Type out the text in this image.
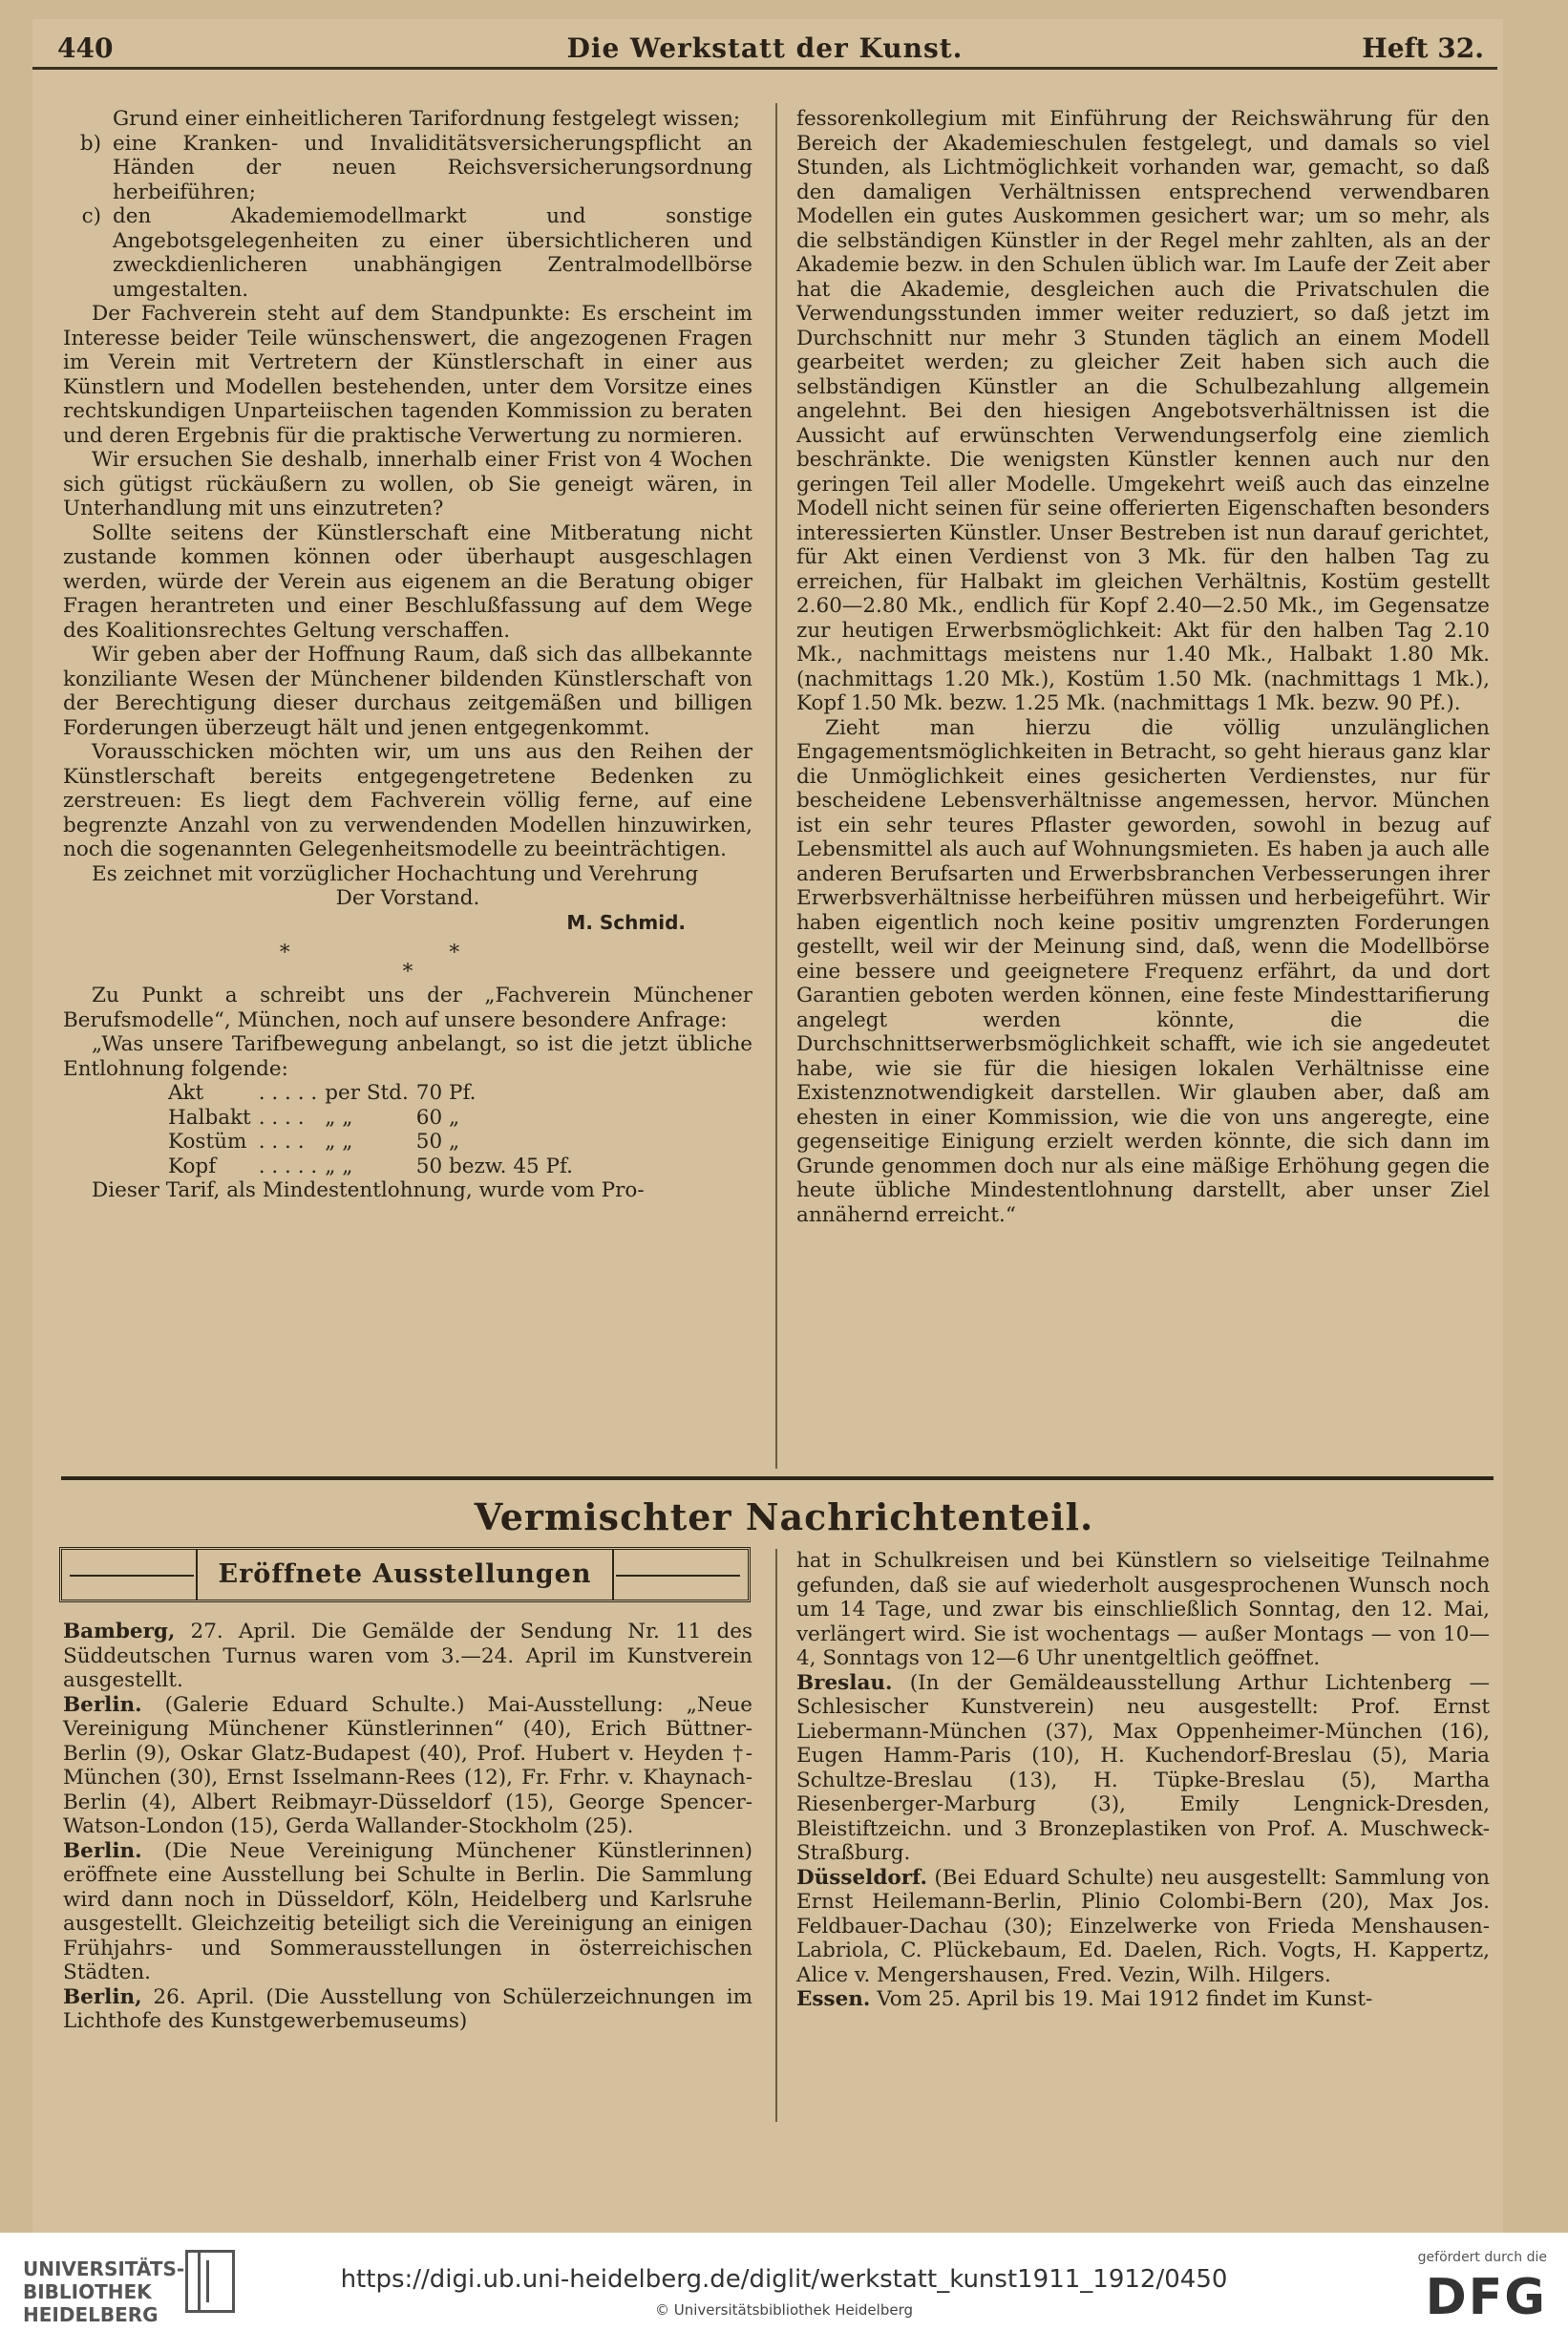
440	Die Werkstatt der Kunst.	Heft 32.

Grund einer einheitlicheren Tarifordnung festgelegt wissen;

b) eine Kranken- und Invaliditätsversicherungspflicht an Händen der neuen Reichsversicherungsordnung herbeiführen;
c) den Akademiemodellmarkt und sonstige Angebotsgelegenheiten zu einer übersichtlicheren und zweckdienlicheren unabhängigen Zentralmodellbörse umgestalten.

Der Fachverein steht auf dem Standpunkte: Es erscheint im Interesse beider Teile wünschenswert, die angezogenen Fragen im Verein mit Vertretern der Künstlerschaft in einer aus Künstlern und Modellen bestehenden, unter dem Vorsitze eines rechtskundigen Unparteiischen tagenden Kommission zu beraten und deren Ergebnis für die praktische Verwertung zu normieren.

Wir ersuchen Sie deshalb, innerhalb einer Frist von 4 Wochen sich gütigst rückäußern zu wollen, ob Sie geneigt wären, in Unterhandlung mit uns einzutreten?

Sollte seitens der Künstlerschaft eine Mitberatung nicht zustande kommen können oder überhaupt ausgeschlagen werden, würde der Verein aus eigenem an die Beratung obiger Fragen herantreten und einer Beschlußfassung auf dem Wege des Koalitionsrechtes Geltung verschaffen.

Wir geben aber der Hoffnung Raum, daß sich das allbekannte konziliante Wesen der Münchener bildenden Künstlerschaft von der Berechtigung dieser durchaus zeitgemäßen und billigen Forderungen überzeugt hält und jenen entgegenkommt.

Vorausschicken möchten wir, um uns aus den Reihen der Künstlerschaft bereits entgegengetretene Bedenken zu zerstreuen: Es liegt dem Fachverein völlig ferne, auf eine begrenzte Anzahl von zu verwendenden Modellen hinzuwirken, noch die sogenannten Gelegenheitsmodelle zu beeinträchtigen.

Es zeichnet mit vorzüglicher Hochachtung und Verehrung

Der Vorstand.
M. Schmid.
* *
*

Zu Punkt a schreibt uns der „Fachverein Münchener Berufsmodelle“, München, noch auf unsere besondere Anfrage:

„Was unsere Tarifbewegung anbelangt, so ist die jetzt übliche Entlohnung folgende:

Akt	. . . . .	per Std.	70 Pf.
Halbakt	. . . .	„ „	60 „
Kostüm	. . . .	„ „	50 „
Kopf	. . . . .	„ „	50 bezw. 45 Pf.

Dieser Tarif, als Mindestentlohnung, wurde vom Pro-

fessorenkollegium mit Einführung der Reichswährung für den Bereich der Akademieschulen festgelegt, und damals so viel Stunden, als Lichtmöglichkeit vorhanden war, gemacht, so daß den damaligen Verhältnissen entsprechend verwendbaren Modellen ein gutes Auskommen gesichert war; um so mehr, als die selbständigen Künstler in der Regel mehr zahlten, als an der Akademie bezw. in den Schulen üblich war. Im Laufe der Zeit aber hat die Akademie, desgleichen auch die Privatschulen die Verwendungsstunden immer weiter reduziert, so daß jetzt im Durchschnitt nur mehr 3 Stunden täglich an einem Modell gearbeitet werden; zu gleicher Zeit haben sich auch die selbständigen Künstler an die Schulbezahlung allgemein angelehnt. Bei den hiesigen Angebotsverhältnissen ist die Aussicht auf erwünschten Verwendungserfolg eine ziemlich beschränkte. Die wenigsten Künstler kennen auch nur den geringen Teil aller Modelle. Umgekehrt weiß auch das einzelne Modell nicht seinen für seine offerierten Eigenschaften besonders interessierten Künstler. Unser Bestreben ist nun darauf gerichtet, für Akt einen Verdienst von 3 Mk. für den halben Tag zu erreichen, für Halbakt im gleichen Verhältnis, Kostüm gestellt 2.60—2.80 Mk., endlich für Kopf 2.40—2.50 Mk., im Gegensatze zur heutigen Erwerbsmöglichkeit: Akt für den halben Tag 2.10 Mk., nachmittags meistens nur 1.40 Mk., Halbakt 1.80 Mk. (nachmittags 1.20 Mk.), Kostüm 1.50 Mk. (nachmittags 1 Mk.), Kopf 1.50 Mk. bezw. 1.25 Mk. (nachmittags 1 Mk. bezw. 90 Pf.).

Zieht man hierzu die völlig unzulänglichen Engagementsmöglichkeiten in Betracht, so geht hieraus ganz klar die Unmöglichkeit eines gesicherten Verdienstes, nur für bescheidene Lebensverhältnisse angemessen, hervor. München ist ein sehr teures Pflaster geworden, sowohl in bezug auf Lebensmittel als auch auf Wohnungsmieten. Es haben ja auch alle anderen Berufsarten und Erwerbsbranchen Verbesserungen ihrer Erwerbsverhältnisse herbeiführen müssen und herbeigeführt. Wir haben eigentlich noch keine positiv umgrenzten Forderungen gestellt, weil wir der Meinung sind, daß, wenn die Modellbörse eine bessere und geeignetere Frequenz erfährt, da und dort Garantien geboten werden können, eine feste Mindesttarifierung angelegt werden könnte, die die Durchschnittserwerbsmöglichkeit schafft, wie ich sie angedeutet habe, wie sie für die hiesigen lokalen Verhältnisse eine Existenznotwendigkeit darstellen. Wir glauben aber, daß am ehesten in einer Kommission, wie die von uns angeregte, eine gegenseitige Einigung erzielt werden könnte, die sich dann im Grunde genommen doch nur als eine mäßige Erhöhung gegen die heute übliche Mindestentlohnung darstellt, aber unser Ziel annähernd erreicht.“

Vermischter Nachrichtenteil.
Eröffnete Ausstellungen

Bamberg, 27. April. Die Gemälde der Sendung Nr. 11 des Süddeutschen Turnus waren vom 3.—24. April im Kunstverein ausgestellt.

Berlin. (Galerie Eduard Schulte.) Mai-Ausstellung: „Neue Vereinigung Münchener Künstlerinnen“ (40), Erich Büttner-Berlin (9), Oskar Glatz-Budapest (40), Prof. Hubert v. Heyden †-München (30), Ernst Isselmann-Rees (12), Fr. Frhr. v. Khaynach-Berlin (4), Albert Reibmayr-Düsseldorf (15), George Spencer-Watson-London (15), Gerda Wallander-Stockholm (25).

Berlin. (Die Neue Vereinigung Münchener Künstlerinnen) eröffnete eine Ausstellung bei Schulte in Berlin. Die Sammlung wird dann noch in Düsseldorf, Köln, Heidelberg und Karlsruhe ausgestellt. Gleichzeitig beteiligt sich die Vereinigung an einigen Frühjahrs- und Sommerausstellungen in österreichischen Städten.

Berlin, 26. April. (Die Ausstellung von Schülerzeichnungen im Lichthofe des Kunstgewerbemuseums)

hat in Schulkreisen und bei Künstlern so vielseitige Teilnahme gefunden, daß sie auf wiederholt ausgesprochenen Wunsch noch um 14 Tage, und zwar bis einschließlich Sonntag, den 12. Mai, verlängert wird. Sie ist wochentags — außer Montags — von 10—4, Sonntags von 12—6 Uhr unentgeltlich geöffnet.

Breslau. (In der Gemäldeausstellung Arthur Lichtenberg — Schlesischer Kunstverein) neu ausgestellt: Prof. Ernst Liebermann-München (37), Max Oppenheimer-München (16), Eugen Hamm-Paris (10), H. Kuchendorf-Breslau (5), Maria Schultze-Breslau (13), H. Tüpke-Breslau (5), Martha Riesenberger-Marburg (3), Emily Lengnick-Dresden, Bleistiftzeichn. und 3 Bronzeplastiken von Prof. A. Muschweck-Straßburg.

Düsseldorf. (Bei Eduard Schulte) neu ausgestellt: Sammlung von Ernst Heilemann-Berlin, Plinio Colombi-Bern (20), Max Jos. Feldbauer-Dachau (30); Einzelwerke von Frieda Menshausen-Labriola, C. Plückebaum, Ed. Daelen, Rich. Vogts, H. Kappertz, Alice v. Mengershausen, Fred. Vezin, Wilh. Hilgers.

Essen. Vom 25. April bis 19. Mai 1912 findet im Kunst-

UNIVERSITÄTS- BIBLIOTHEK HEIDELBERG
https://digi.ub.uni-heidelberg.de/diglit/werkstatt_kunst1911_1912/0450
© Universitätsbibliothek Heidelberg
gefördert durch die
DFG
